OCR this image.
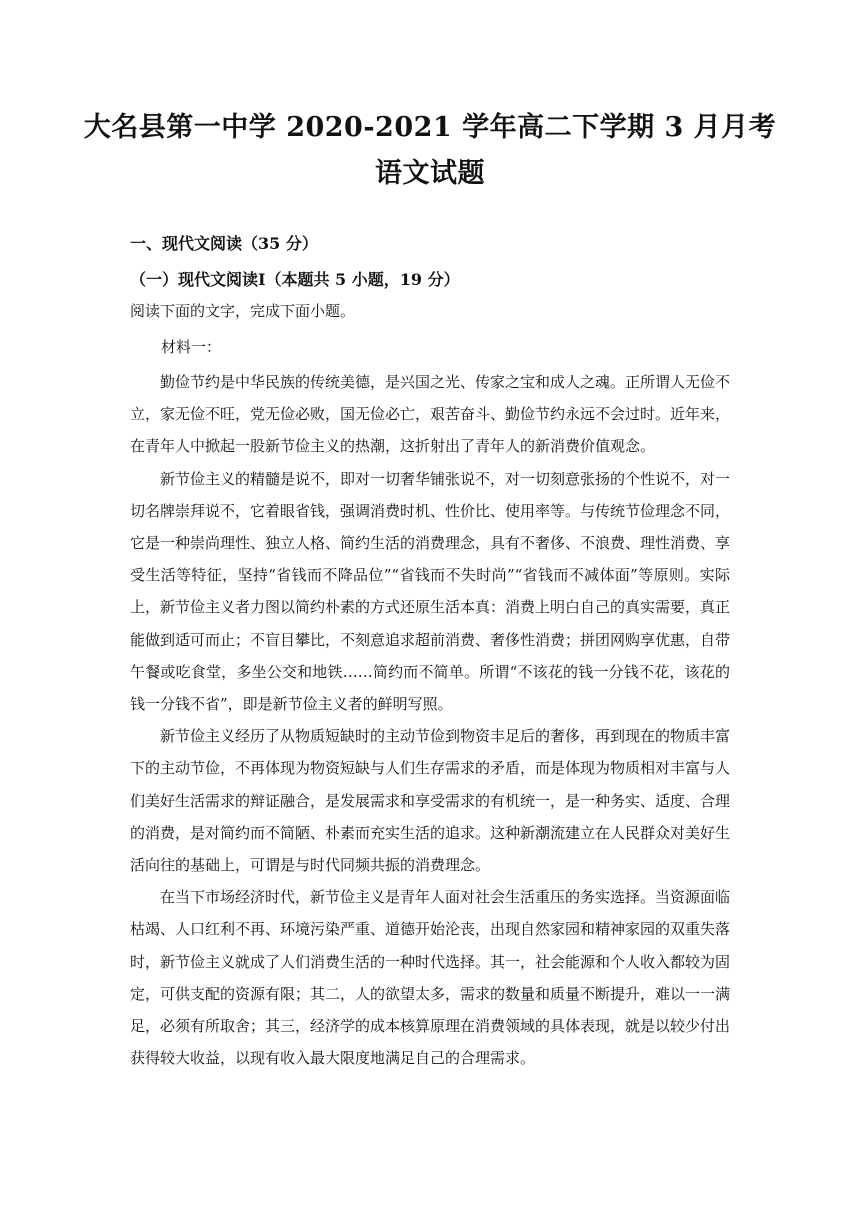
大名县第一中学 2020-2021 学年高二下学期 3 月月考
语文试题
一、现代文阅读（35 分）
（一）现代文阅读Ⅰ（本题共 5 小题，19 分）
阅读下面的文字，完成下面小题。
材料一：

勤俭节约是中华民族的传统美德，是兴国之光、传家之宝和成人之魂。正所谓人无俭不立，家无俭不旺，党无俭必败，国无俭必亡，艰苦奋斗、勤俭节约永远不会过时。近年来，在青年人中掀起一股新节俭主义的热潮，这折射出了青年人的新消费价值观念。

新节俭主义的精髓是说不，即对一切奢华铺张说不，对一切刻意张扬的个性说不，对一切名牌崇拜说不，它着眼省钱，强调消费时机、性价比、使用率等。与传统节俭理念不同，它是一种崇尚理性、独立人格、简约生活的消费理念，具有不奢侈、不浪费、理性消费、享受生活等特征，坚持“省钱而不降品位”“省钱而不失时尚”“省钱而不减体面”等原则。实际上，新节俭主义者力图以简约朴素的方式还原生活本真：消费上明白自己的真实需要，真正能做到适可而止；不盲目攀比，不刻意追求超前消费、奢侈性消费；拼团网购享优惠，自带午餐或吃食堂，多坐公交和地铁……简约而不简单。所谓“不该花的钱一分钱不花，该花的钱一分钱不省”，即是新节俭主义者的鲜明写照。

新节俭主义经历了从物质短缺时的主动节俭到物资丰足后的奢侈，再到现在的物质丰富下的主动节俭，不再体现为物资短缺与人们生存需求的矛盾，而是体现为物质相对丰富与人们美好生活需求的辩证融合，是发展需求和享受需求的有机统一，是一种务实、适度、合理的消费，是对简约而不简陋、朴素而充实生活的追求。这种新潮流建立在人民群众对美好生活向往的基础上，可谓是与时代同频共振的消费理念。

在当下市场经济时代，新节俭主义是青年人面对社会生活重压的务实选择。当资源面临枯竭、人口红利不再、环境污染严重、道德开始沦丧，出现自然家园和精神家园的双重失落时，新节俭主义就成了人们消费生活的一种时代选择。其一，社会能源和个人收入都较为固定，可供支配的资源有限；其二，人的欲望太多，需求的数量和质量不断提升，难以一一满足，必须有所取舍；其三，经济学的成本核算原理在消费领域的具体表现，就是以较少付出获得较大收益，以现有收入最大限度地满足自己的合理需求。
